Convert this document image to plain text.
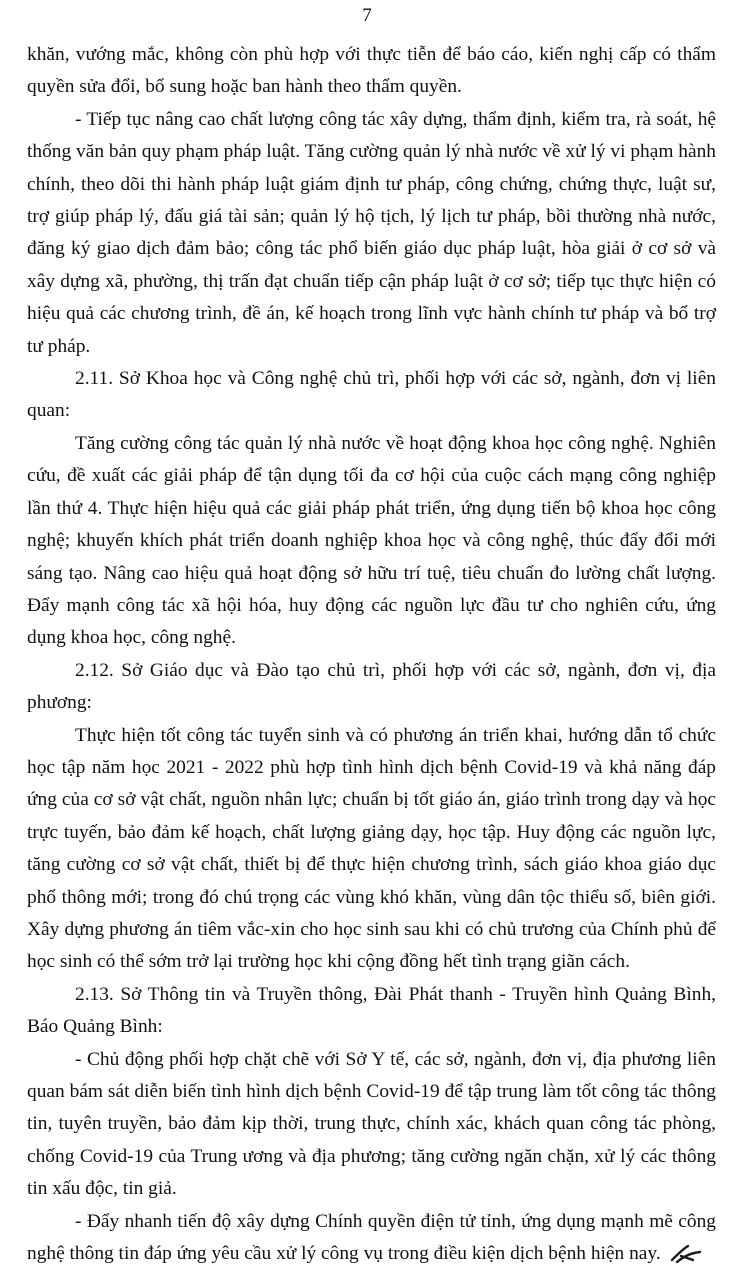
7

khăn, vướng mắc, không còn phù hợp với thực tiễn để báo cáo, kiến nghị cấp có thẩm quyền sửa đổi, bổ sung hoặc ban hành theo thẩm quyền.

- Tiếp tục nâng cao chất lượng công tác xây dựng, thẩm định, kiểm tra, rà soát, hệ thống văn bản quy phạm pháp luật. Tăng cường quản lý nhà nước về xử lý vi phạm hành chính, theo dõi thi hành pháp luật giám định tư pháp, công chứng, chứng thực, luật sư, trợ giúp pháp lý, đấu giá tài sản; quản lý hộ tịch, lý lịch tư pháp, bồi thường nhà nước, đăng ký giao dịch đảm bảo; công tác phổ biến giáo dục pháp luật, hòa giải ở cơ sở và xây dựng xã, phường, thị trấn đạt chuẩn tiếp cận pháp luật ở cơ sở; tiếp tục thực hiện có hiệu quả các chương trình, đề án, kế hoạch trong lĩnh vực hành chính tư pháp và bổ trợ tư pháp.

2.11. Sở Khoa học và Công nghệ chủ trì, phối hợp với các sở, ngành, đơn vị liên quan:

Tăng cường công tác quản lý nhà nước về hoạt động khoa học công nghệ. Nghiên cứu, đề xuất các giải pháp để tận dụng tối đa cơ hội của cuộc cách mạng công nghiệp lần thứ 4. Thực hiện hiệu quả các giải pháp phát triển, ứng dụng tiến bộ khoa học công nghệ; khuyến khích phát triển doanh nghiệp khoa học và công nghệ, thúc đẩy đổi mới sáng tạo. Nâng cao hiệu quả hoạt động sở hữu trí tuệ, tiêu chuẩn đo lường chất lượng. Đẩy mạnh công tác xã hội hóa, huy động các nguồn lực đầu tư cho nghiên cứu, ứng dụng khoa học, công nghệ.

2.12. Sở Giáo dục và Đào tạo chủ trì, phối hợp với các sở, ngành, đơn vị, địa phương:

Thực hiện tốt công tác tuyển sinh và có phương án triển khai, hướng dẫn tổ chức học tập năm học 2021 - 2022 phù hợp tình hình dịch bệnh Covid-19 và khả năng đáp ứng của cơ sở vật chất, nguồn nhân lực; chuẩn bị tốt giáo án, giáo trình trong dạy và học trực tuyến, bảo đảm kế hoạch, chất lượng giảng dạy, học tập. Huy động các nguồn lực, tăng cường cơ sở vật chất, thiết bị để thực hiện chương trình, sách giáo khoa giáo dục phổ thông mới; trong đó chú trọng các vùng khó khăn, vùng dân tộc thiểu số, biên giới. Xây dựng phương án tiêm vắc-xin cho học sinh sau khi có chủ trương của Chính phủ để học sinh có thể sớm trở lại trường học khi cộng đồng hết tình trạng giãn cách.

2.13. Sở Thông tin và Truyền thông, Đài Phát thanh - Truyền hình Quảng Bình, Báo Quảng Bình:

- Chủ động phối hợp chặt chẽ với Sở Y tế, các sở, ngành, đơn vị, địa phương liên quan bám sát diễn biến tình hình dịch bệnh Covid-19 để tập trung làm tốt công tác thông tin, tuyên truyền, bảo đảm kịp thời, trung thực, chính xác, khách quan công tác phòng, chống Covid-19 của Trung ương và địa phương; tăng cường ngăn chặn, xử lý các thông tin xấu độc, tin giả.

- Đẩy nhanh tiến độ xây dựng Chính quyền điện tử tỉnh, ứng dụng mạnh mẽ công nghệ thông tin đáp ứng yêu cầu xử lý công vụ trong điều kiện dịch bệnh hiện nay.
